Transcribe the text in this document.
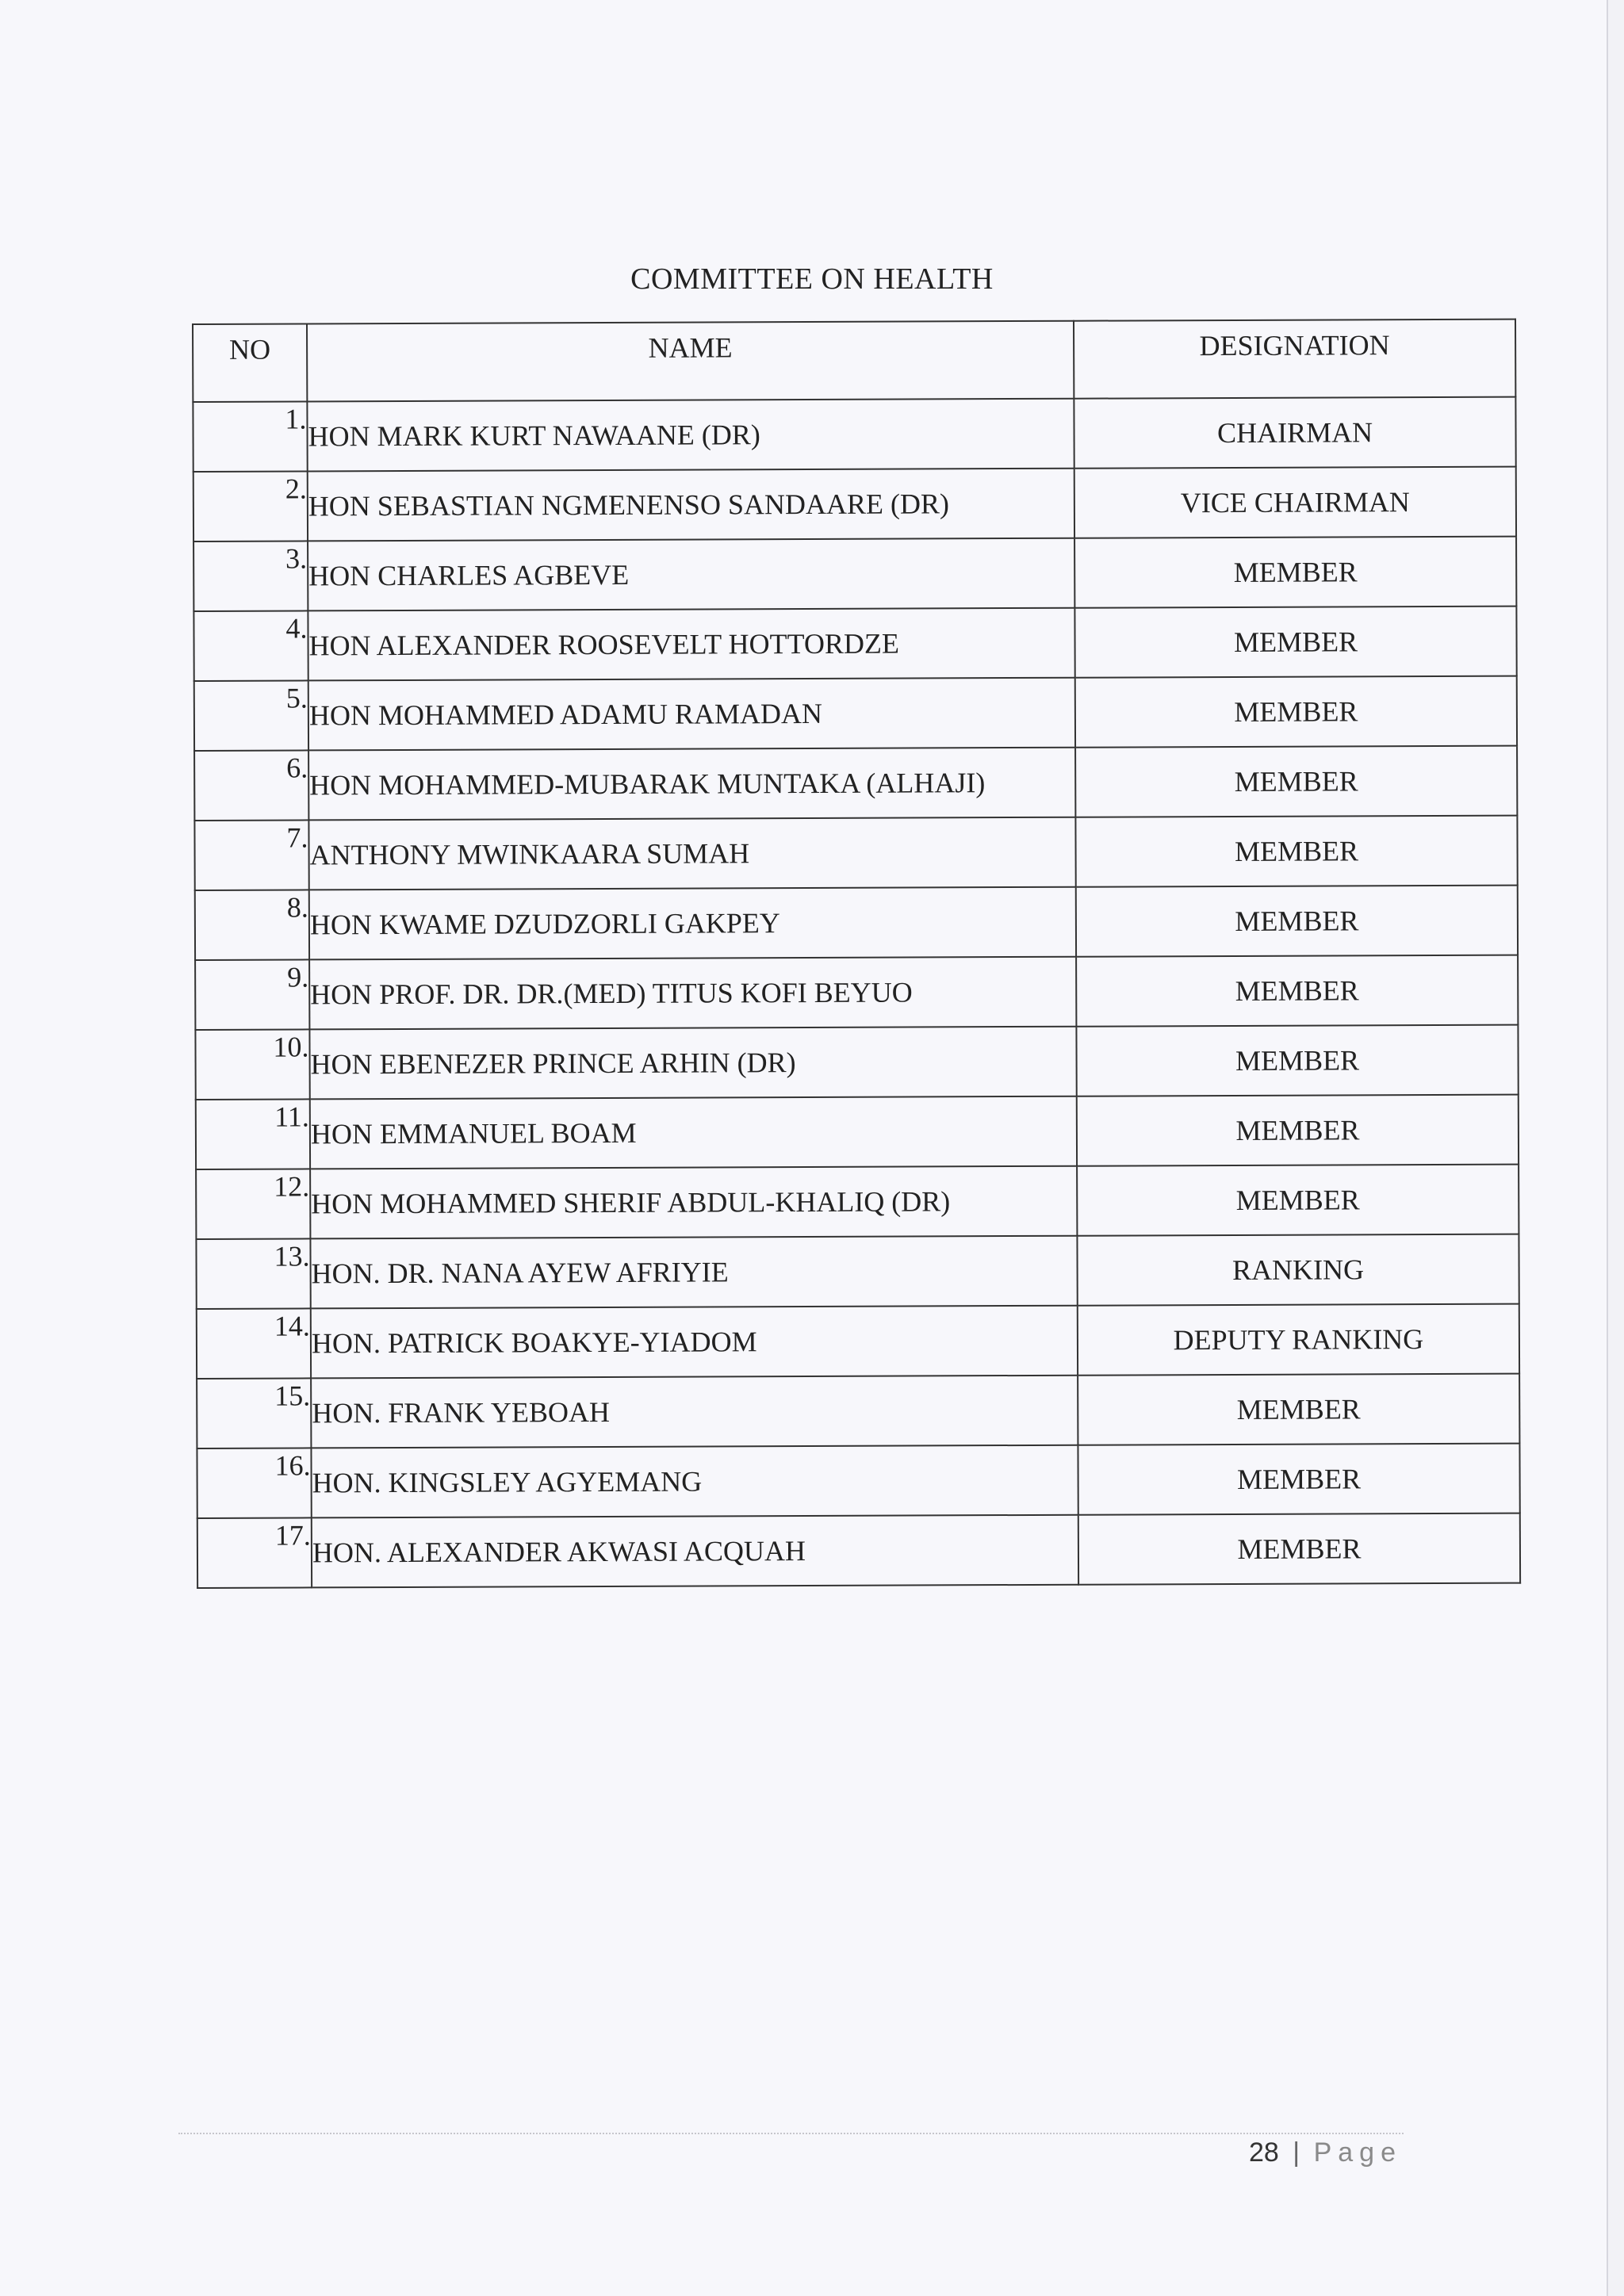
COMMITTEE ON HEALTH
NO	NAME	DESIGNATION
1.	HON MARK KURT NAWAANE (DR)	CHAIRMAN
2.	HON SEBASTIAN NGMENENSO SANDAARE (DR)	VICE CHAIRMAN
3.	HON CHARLES AGBEVE	MEMBER
4.	HON ALEXANDER ROOSEVELT HOTTORDZE	MEMBER
5.	HON MOHAMMED ADAMU RAMADAN	MEMBER
6.	HON MOHAMMED-MUBARAK MUNTAKA (ALHAJI)	MEMBER
7.	ANTHONY MWINKAARA SUMAH	MEMBER
8.	HON KWAME DZUDZORLI GAKPEY	MEMBER
9.	HON PROF. DR. DR.(MED) TITUS KOFI BEYUO	MEMBER
10.	HON EBENEZER PRINCE ARHIN (DR)	MEMBER
11.	HON EMMANUEL BOAM	MEMBER
12.	HON MOHAMMED SHERIF ABDUL-KHALIQ (DR)	MEMBER
13.	HON. DR. NANA AYEW AFRIYIE	RANKING
14.	HON. PATRICK BOAKYE-YIADOM	DEPUTY RANKING
15.	HON. FRANK YEBOAH	MEMBER
16.	HON. KINGSLEY AGYEMANG	MEMBER
17.	HON. ALEXANDER AKWASI ACQUAH	MEMBER
28 | Page
